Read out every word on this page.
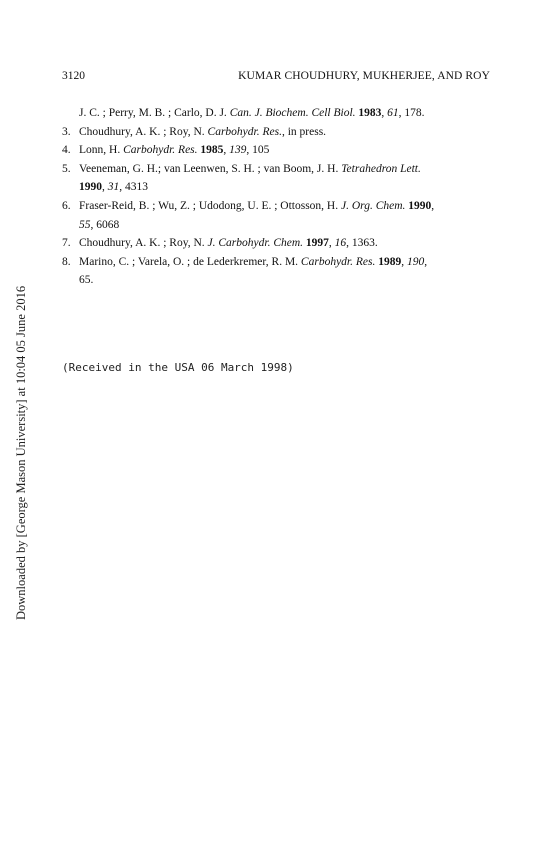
3120	KUMAR CHOUDHURY, MUKHERJEE, AND ROY
J. C. ; Perry, M. B. ; Carlo, D. J. Can. J. Biochem. Cell Biol. 1983, 61, 178.
3. Choudhury, A. K. ; Roy, N. Carbohydr. Res., in press.
4. Lonn, H. Carbohydr. Res. 1985, 139, 105
5. Veeneman, G. H.; van Leenwen, S. H. ; van Boom, J. H. Tetrahedron Lett.
1990, 31, 4313
6. Fraser-Reid, B. ; Wu, Z. ; Udodong, U. E. ; Ottosson, H. J. Org. Chem. 1990,
55, 6068
7. Choudhury, A. K. ; Roy, N. J. Carbohydr. Chem. 1997, 16, 1363.
8. Marino, C. ; Varela, O. ; de Lederkremer, R. M. Carbohydr. Res. 1989, 190,
65.
(Received in the USA 06 March 1998)
Downloaded by [George Mason University] at 10:04 05 June 2016
